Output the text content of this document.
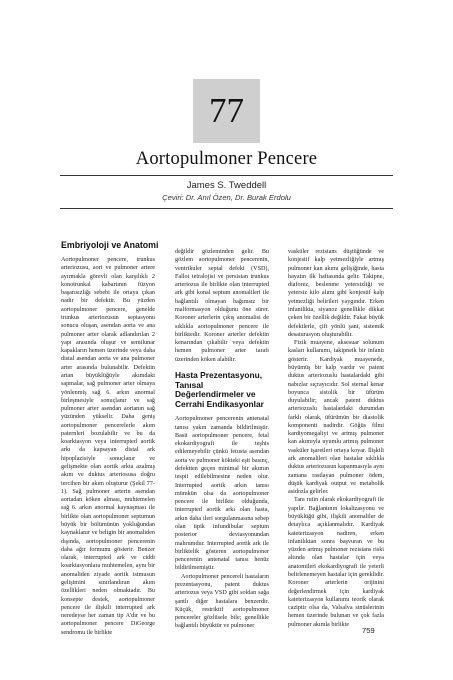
77
Aortopulmoner Pencere
James S. Tweddell
Çeviri: Dr. Anıl Özen, Dr. Burak Erdolu
Embriyoloji ve Anatomi

Aortopulmoner pencere, trunkus arteriozusu, aort ve pulmoner artere ayırmakla görevli olan karşılıklı 2 konotrunkal kabartının füzyon başarısızlığı sebebi ile ortaya çıkan nadir bir defektir. Bu yüzden aortopulmoner pencere, genelde trunkus arteriozusun septasyonu sonucu oluşan, asendan aorta ve ana pulmoner arter olarak adlandırılan 2 yapı arasında oluşur ve semilunar kapakların hemen üzerinde veya daha distal asendan aorta ve ana pulmoner arter arasında bulunabilir. Defektin artan büyüklüğüyle akımdaki sapmalar, sağ pulmoner arter olmaya yönlenmiş sağ 6. arkın anormal birleşmesiyle sonuçlanır ve sağ pulmoner arter asendan aortanın sağ yüzünden yükselir. Daha geniş aortopulmoner pencerelerle akım paternleri bozulabilir ve bu da koarktasyon veya interrupted aortik arkı da kapsayan distal ark hipoplazisiyle sonuçlanır ve gelişmekte olan aortik arkta azalmış akım ve duktus arteriosusa doğru tercihen bir akım oluşturur (Şekil 77-1). Sağ pulmoner arterin asendan aortadan köken alması, muhtemelen sağ 6. arkın anormal kaynaşması ile birlikte olan aortopulmoner septumun büyük bir bölümünün yokluğundan kaynaklanır ve beligin bir anomaliden dışında, aortopulmoner pencerenin daha ağır formunu gösterir. Benzer olarak, interrupted ark ve ciddi koarktasyonlara muhtemelen, aynı bir anomaliden ziyade aortik istmusun gelişimini sınırlandıran akım özellikleri neden olmaktadır. Bu konsepte destek, aortopulmoner pencere ile ilişkili interrupted ark neredeyse her zaman tip A'dır ve bu aortopulmoner pencere DiGeorge sendromu ile birlikte

değildir gözleminden gelir. Bu gözlem aortopulmoner pencerenin, ventrikuler septal defekt (VSD), Fallot tetralojisi ve persistan trunkus arteriozus ile birlikte olan interrupted ark gibi konal septum anomalileri ile bağlantılı olmayan bağımsız bir malformasyon olduğunu öne sürer. Koroner arterlerin çıkış anomalisi de sıklıkla aortopulmoner pencere ile birliktedir. Koroner arterler defektin kenarından çıkabilir veya defektin hemen pulmoner arter tarafı üzerinden köken alabilir.

Hasta Prezentasyonu, Tanısal Değerlendirmeler ve Cerrahi Endikasyonlar

Aortopulmoner pencerenin antenatal tanısı yakın zamanda bildirilmiştir. Basit aortopulmoner pencere, fetal ekokardiyografi ile teşhis edilemeyebilir çünkü fetusta asendan aorta ve pulmoner kökteki eşit basınç, defektten geçen minimal bir akımın tespit edilebilmesine neden olur. Interrupted aortik arkın tanısı mümkün olsa da aortopulmoner pencere ile birlikte olduğunda, interrupted aortik arkı olan hasta, arkın daha ileri sorgulanmasına sebep olan tipik infundibular septum posterior deviasyonundan mahrumdur. Interrupted aortik ark ile birliktelik gösteren aortopulmoner pencerenin antenatal tanısı henüz bildirilmemiştir.

Aortopulmoner pencereli hastaların prezentasyonu, patent duktus arteriozus veya VSD gibi soldan sağa şantlı diğer hastalara benzerdir. Küçük, restriktif aortopulmoner pencereler gözlüsele bile; genellikle bağlantılı büyüktür ve pulmoner

vasküler rezistans düştüğünde ve konjestif kalp yetmezliğiyle artmış pulmoner kan akımı gelişiğinde, hasta hayatın ilk haftasında gelir. Takipne, diaforez, beslenme yetersizliği ve yetersiz kilo alımı gibi konjestif kalp yetmezliği belirileri yaygındır. Erken infantlikta, siyanoz genellikle dikkat çeken bir özellik değildir. Fakat büyük defektlerle, çift yönlü şant, sistemik desaturasyon oluşturabilir.

Fizik muayene, aksesuar solunum kasları kullanımı, takipneik bir infantı gösterir. Kardiyak muayenede, büyümüş bir kalp vardır ve patent duktus arteriozuslu hastalardaki gibi nabızlar sıçrayıcıdır. Sol sternal kenar boyunca sistolik bir üfürüm duyulabilir; ancak patent duktus arteriozuslu hastalardaki durumdan farklı olarak, üfürümün bir diastolik komponenti nadirdir. Göğüs filmi kardiyomegaliyi ve artmış pulmoner kan akımıyla uyumlu artmış pulmoner vasküler işaretleri ortaya koyar. İlişkili ark anomalileri olan hastalar sıklıkla duktus arteriozusun kapanmasıyla aynı zamana rastlayan pulmoner ödem, düşük kardiyak output ve metabolik asidozla gelirler.

Tanı rutin olarak ekokardiyografi ile yapılır. Bağlantının lokalizasyonu ve büyüklüğü gibi, ilişkili anomaliler de detaylıca açıklanmalıdır. Kardiyak kateterizasyon nadiren, erken infantlıktan sonra başvuran ve bu yüzden artmış pulmoner rezistans riski altında olan hastalar için veya anatomileri ekokardiyografi ile yeterli belirlenemeyen hastalar için gereklidir. Koroner arterlerin orijinini değerlendirmek için kardiyak kateterizasyon kullanımı teorik olarak caziptir olsa da, Valsalva sinüslerinin hemen üzerinde bulunan ve çok fazla pulmoner akımla birlikte

759
